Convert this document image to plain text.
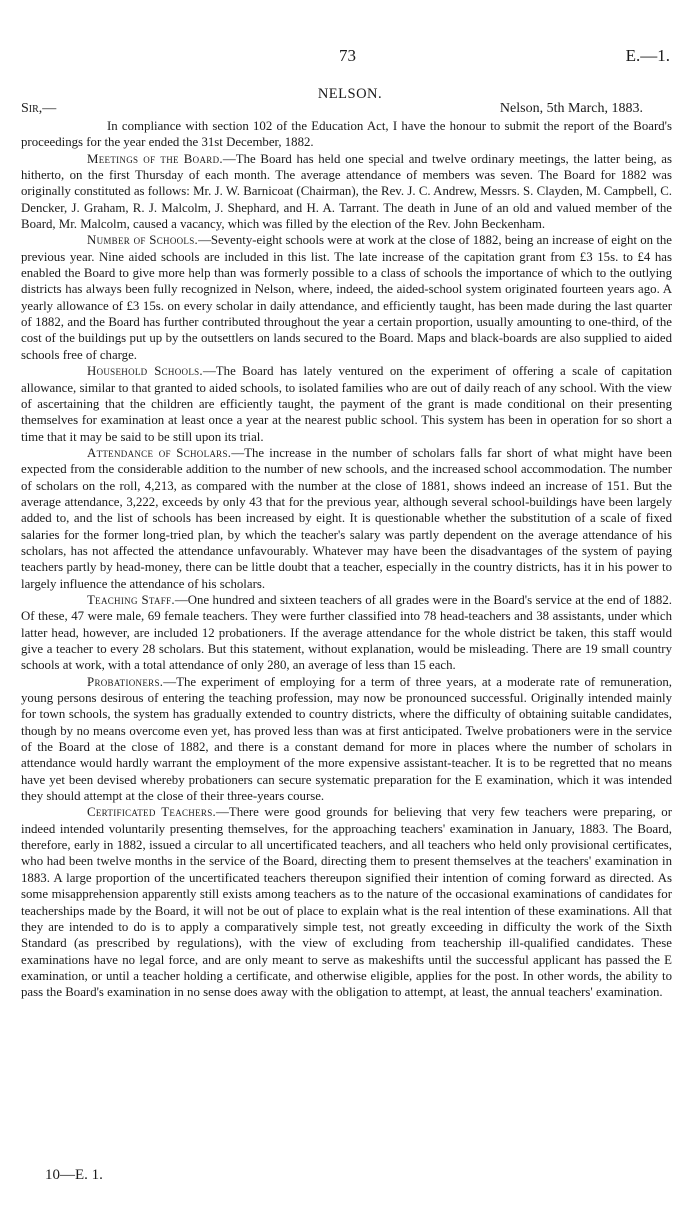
73	E.—1.
NELSON.
Sir,—	Nelson, 5th March, 1883.

In compliance with section 102 of the Education Act, I have the honour to submit the report of the Board's proceedings for the year ended the 31st December, 1882.

Meetings of the Board.—The Board has held one special and twelve ordinary meetings, the latter being, as hitherto, on the first Thursday of each month. The average attendance of members was seven. The Board for 1882 was originally constituted as follows: Mr. J. W. Barnicoat (Chairman), the Rev. J. C. Andrew, Messrs. S. Clayden, M. Campbell, C. Dencker, J. Graham, R. J. Malcolm, J. Shephard, and H. A. Tarrant. The death in June of an old and valued member of the Board, Mr. Malcolm, caused a vacancy, which was filled by the election of the Rev. John Beckenham.

Number of Schools.—Seventy-eight schools were at work at the close of 1882, being an increase of eight on the previous year. Nine aided schools are included in this list. The late increase of the capitation grant from £3 15s. to £4 has enabled the Board to give more help than was formerly possible to a class of schools the importance of which to the outlying districts has always been fully recognized in Nelson, where, indeed, the aided-school system originated fourteen years ago. A yearly allowance of £3 15s. on every scholar in daily attendance, and efficiently taught, has been made during the last quarter of 1882, and the Board has further contributed throughout the year a certain proportion, usually amounting to one-third, of the cost of the buildings put up by the outsettlers on lands secured to the Board. Maps and black-boards are also supplied to aided schools free of charge.

Household Schools.—The Board has lately ventured on the experiment of offering a scale of capitation allowance, similar to that granted to aided schools, to isolated families who are out of daily reach of any school. With the view of ascertaining that the children are efficiently taught, the payment of the grant is made conditional on their presenting themselves for examination at least once a year at the nearest public school. This system has been in operation for so short a time that it may be said to be still upon its trial.

Attendance of Scholars.—The increase in the number of scholars falls far short of what might have been expected from the considerable addition to the number of new schools, and the increased school accommodation. The number of scholars on the roll, 4,213, as compared with the number at the close of 1881, shows indeed an increase of 151. But the average attendance, 3,222, exceeds by only 43 that for the previous year, although several school-buildings have been largely added to, and the list of schools has been increased by eight. It is questionable whether the substitution of a scale of fixed salaries for the former long-tried plan, by which the teacher's salary was partly dependent on the average attendance of his scholars, has not affected the attendance unfavourably. Whatever may have been the disadvantages of the system of paying teachers partly by head-money, there can be little doubt that a teacher, especially in the country districts, has it in his power to largely influence the attendance of his scholars.

Teaching Staff.—One hundred and sixteen teachers of all grades were in the Board's service at the end of 1882. Of these, 47 were male, 69 female teachers. They were further classified into 78 head-teachers and 38 assistants, under which latter head, however, are included 12 probationers. If the average attendance for the whole district be taken, this staff would give a teacher to every 28 scholars. But this statement, without explanation, would be misleading. There are 19 small country schools at work, with a total attendance of only 280, an average of less than 15 each.

Probationers.—The experiment of employing for a term of three years, at a moderate rate of remuneration, young persons desirous of entering the teaching profession, may now be pronounced successful. Originally intended mainly for town schools, the system has gradually extended to country districts, where the difficulty of obtaining suitable candidates, though by no means overcome even yet, has proved less than was at first anticipated. Twelve probationers were in the service of the Board at the close of 1882, and there is a constant demand for more in places where the number of scholars in attendance would hardly warrant the employment of the more expensive assistant-teacher. It is to be regretted that no means have yet been devised whereby probationers can secure systematic preparation for the E examination, which it was intended they should attempt at the close of their three-years course.

Certificated Teachers.—There were good grounds for believing that very few teachers were preparing, or indeed intended voluntarily presenting themselves, for the approaching teachers' examination in January, 1883. The Board, therefore, early in 1882, issued a circular to all uncertificated teachers, and all teachers who held only provisional certificates, who had been twelve months in the service of the Board, directing them to present themselves at the teachers' examination in 1883. A large proportion of the uncertificated teachers thereupon signified their intention of coming forward as directed. As some misapprehension apparently still exists among teachers as to the nature of the occasional examinations of candidates for teacherships made by the Board, it will not be out of place to explain what is the real intention of these examinations. All that they are intended to do is to apply a comparatively simple test, not greatly exceeding in difficulty the work of the Sixth Standard (as prescribed by regulations), with the view of excluding from teachership ill-qualified candidates. These examinations have no legal force, and are only meant to serve as makeshifts until the successful applicant has passed the E examination, or until a teacher holding a certificate, and otherwise eligible, applies for the post. In other words, the ability to pass the Board's examination in no sense does away with the obligation to attempt, at least, the annual teachers' examination.

10—E. 1.
